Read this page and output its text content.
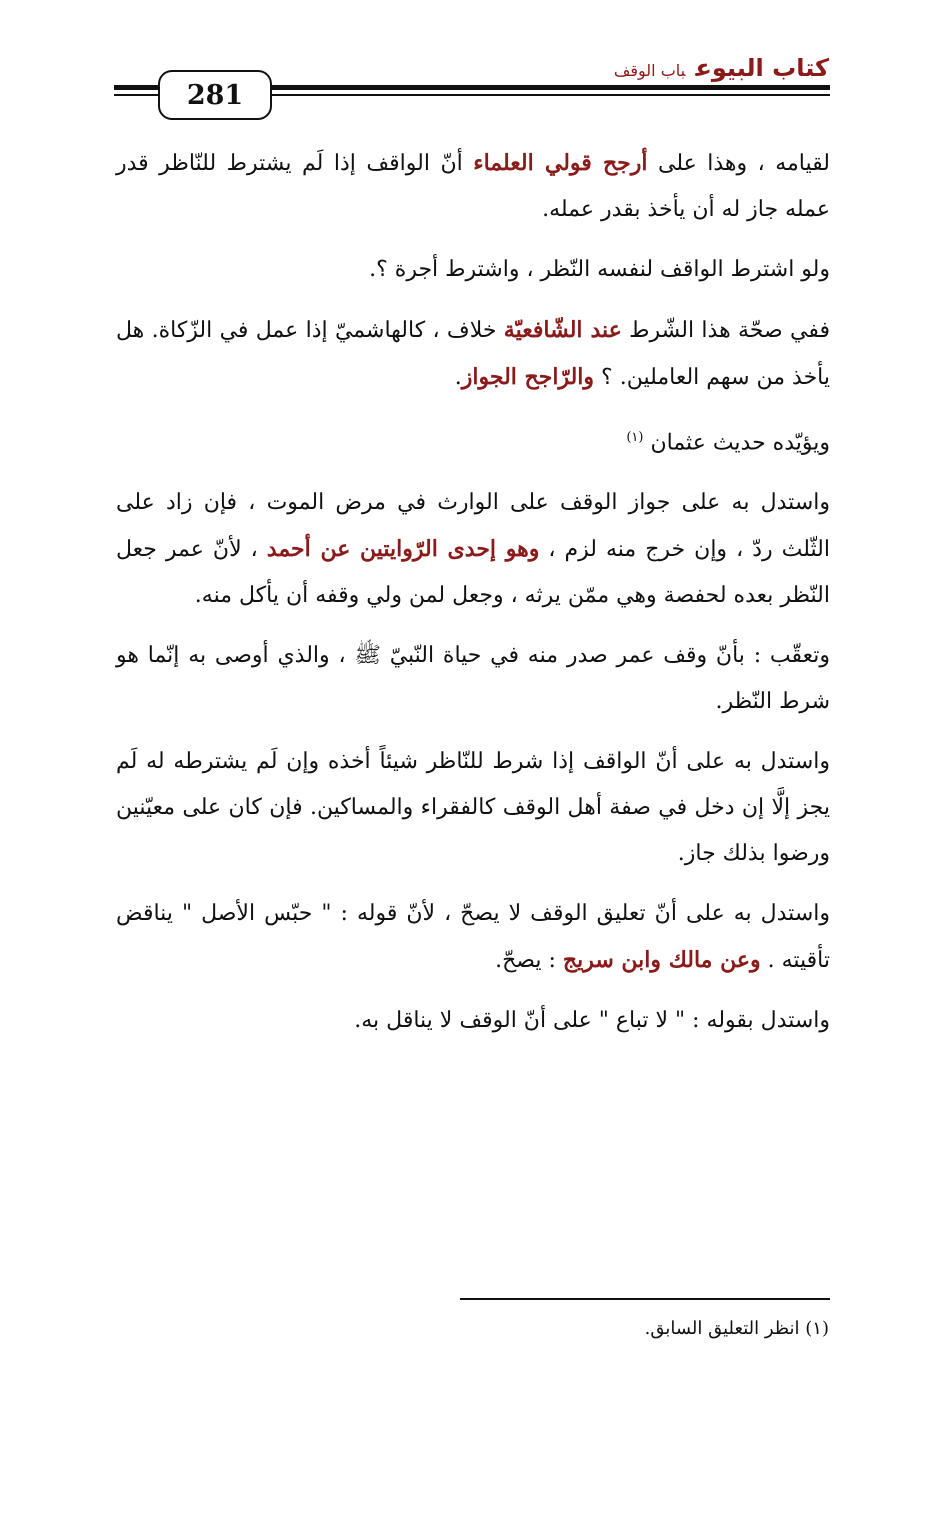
كتاب البيوعباب الوقف
281

لقيامه ، وهذا على أرجح قولي العلماء أنّ الواقف إذا لَم يشترط للنّاظر قدر عمله جاز له أن يأخذ بقدر عمله.

ولو اشترط الواقف لنفسه النّظر ، واشترط أجرة ؟.

ففي صحّة هذا الشّرط عند الشّافعيّة خلاف ، كالهاشميّ إذا عمل في الزّكاة. هل يأخذ من سهم العاملين. ؟ والرّاجح الجواز.

ويؤيّده حديث عثمان $^{(١)}$

واستدل به على جواز الوقف على الوارث في مرض الموت ، فإن زاد على الثّلث ردّ ، وإن خرج منه لزم ، وهو إحدى الرّوايتين عن أحمد ، لأنّ عمر جعل النّظر بعده لحفصة وهي ممّن يرثه ، وجعل لمن ولي وقفه أن يأكل منه.

وتعقّب : بأنّ وقف عمر صدر منه في حياة النّبيّ ﷺ ، والذي أوصى به إنّما هو شرط النّظر.

واستدل به على أنّ الواقف إذا شرط للنّاظر شيئاً أخذه وإن لَم يشترطه له لَم يجز إلَّا إن دخل في صفة أهل الوقف كالفقراء والمساكين. فإن كان على معيّنين ورضوا بذلك جاز.

واستدل به على أنّ تعليق الوقف لا يصحّ ، لأنّ قوله : " حبّس الأصل " يناقض تأقيته . وعن مالك وابن سريج : يصحّ.

واستدل بقوله : " لا تباع " على أنّ الوقف لا يناقل به.

(١) انظر التعليق السابق.
